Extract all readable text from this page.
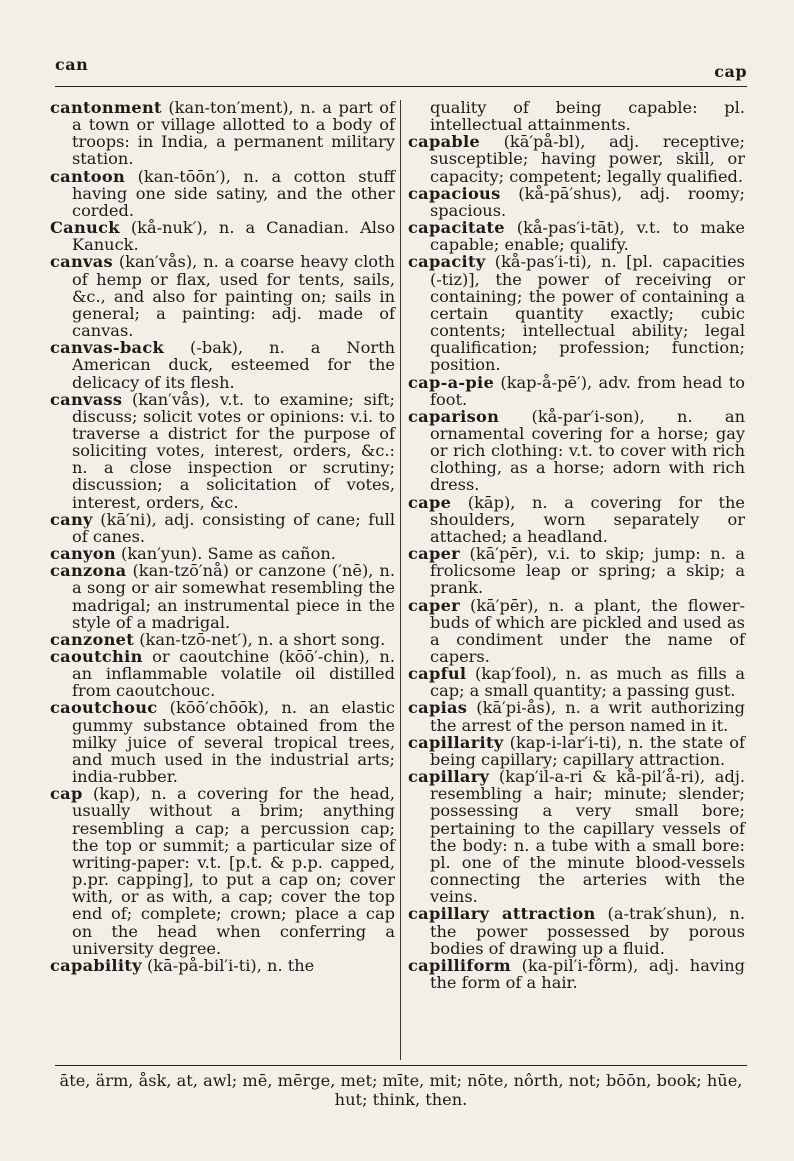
can	cap

cantonment (kan-ton′ment), n. a part of a town or village allotted to a body of troops: in India, a permanent military station.

cantoon (kan-tōōn′), n. a cotton stuff having one side satiny, and the other corded.

Canuck (kå-nuk′), n. a Canadian. Also Kanuck.

canvas (kan′vås), n. a coarse heavy cloth of hemp or flax, used for tents, sails, &c., and also for painting on; sails in general; a painting: adj. made of canvas.

canvas-back (-bak), n. a North American duck, esteemed for the delicacy of its flesh.

canvass (kan′vås), v.t. to examine; sift; discuss; solicit votes or opinions: v.i. to traverse a district for the purpose of soliciting votes, interest, orders, &c.: n. a close inspection or scrutiny; discussion; a solicitation of votes, interest, orders, &c.

cany (kā′ni), adj. consisting of cane; full of canes.

canyon (kan′yun). Same as cañon.

canzona (kan-tzō′nå) or canzone (′nē), n. a song or air somewhat resembling the madrigal; an instrumental piece in the style of a madrigal.

canzonet (kan-tzō-net′), n. a short song.

caoutchin or caoutchine (kōō′-chin), n. an inflammable volatile oil distilled from caoutchouc.

caoutchouc (kōō′chōōk), n. an elastic gummy substance obtained from the milky juice of several tropical trees, and much used in the industrial arts; india-rubber.

cap (kap), n. a covering for the head, usually without a brim; anything resembling a cap; a percussion cap; the top or summit; a particular size of writing-paper: v.t. [p.t. & p.p. capped, p.pr. capping], to put a cap on; cover with, or as with, a cap; cover the top end of; complete; crown; place a cap on the head when conferring a university degree.

capability (kā-på-bil′i-ti), n. the

quality of being capable: pl. intellectual attainments.

capable (kā′på-bl), adj. receptive; susceptible; having power, skill, or capacity; competent; legally qualified.

capacious (kå-pā′shus), adj. roomy; spacious.

capacitate (kå-pas′i-tāt), v.t. to make capable; enable; qualify.

capacity (kå-pas′i-ti), n. [pl. capacities (-tiz)], the power of receiving or containing; the power of containing a certain quantity exactly; cubic contents; intellectual ability; legal qualification; profession; function; position.

cap-a-pie (kap-å-pē′), adv. from head to foot.

caparison (kå-par′i-son), n. an ornamental covering for a horse; gay or rich clothing: v.t. to cover with rich clothing, as a horse; adorn with rich dress.

cape (kāp), n. a covering for the shoulders, worn separately or attached; a headland.

caper (kā′pēr), v.i. to skip; jump: n. a frolicsome leap or spring; a skip; a prank.

caper (kā′pēr), n. a plant, the flower-buds of which are pickled and used as a condiment under the name of capers.

capful (kap′fool), n. as much as fills a cap; a small quantity; a passing gust.

capias (kā′pi-ås), n. a writ authorizing the arrest of the person named in it.

capillarity (kap-i-lar′i-ti), n. the state of being capillary; capillary attraction.

capillary (kap′il-a-ri & kå-pil′å-ri), adj. resembling a hair; minute; slender; possessing a very small bore; pertaining to the capillary vessels of the body: n. a tube with a small bore: pl. one of the minute blood-vessels connecting the arteries with the veins.

capillary attraction (a-trak′shun), n. the power possessed by porous bodies of drawing up a fluid.

capilliform (ka-pil′i-fôrm), adj. having the form of a hair.

āte, ärm, åsk, at, awl; mē, mērge, met; mīte, mit; nōte, nôrth, not; bōōn, book; hūe, hut; think, then.
